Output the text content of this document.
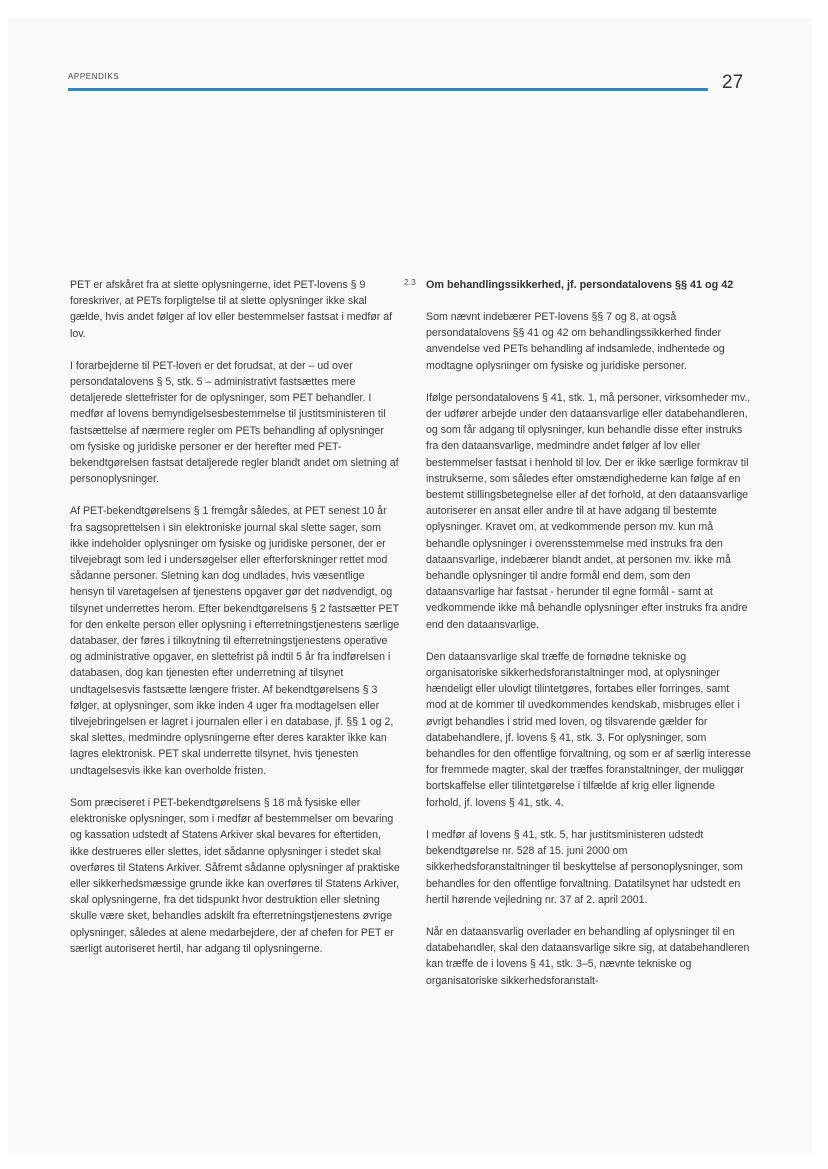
APPENDIKS	27

PET er afskåret fra at slette oplysningerne, idet PET-lovens § 9 foreskriver, at PETs forpligtelse til at slette oplysninger ikke skal gælde, hvis andet følger af lov eller bestemmelser fastsat i medfør af lov.

I forarbejderne til PET-loven er det forudsat, at der – ud over persondatalovens § 5, stk. 5 – administrativt fastsættes mere detaljerede slettefrister for de oplysninger, som PET behandler. I medfør af lovens bemyndigelsesbestemmelse til justitsministeren til fastsættelse af nærmere regler om PETs behandling af oplysninger om fysiske og juridiske personer er der herefter med PET-bekendtgørelsen fastsat detaljerede regler blandt andet om sletning af personoplysninger.

Af PET-bekendtgørelsens § 1 fremgår således, at PET senest 10 år fra sagsoprettelsen i sin elektroniske journal skal slette sager, som ikke indeholder oplysninger om fysiske og juridiske personer, der er tilvejebragt som led i undersøgelser eller efterforskninger rettet mod sådanne personer. Sletning kan dog undlades, hvis væsentlige hensyn til varetagelsen af tjenestens opgaver gør det nødvendigt, og tilsynet underrettes herom. Efter bekendtgørelsens § 2 fastsætter PET for den enkelte person eller oplysning i efterretningstjenestens særlige databaser, der føres i tilknytning til efterretningstjenestens operative og administrative opgaver, en slettefrist på indtil 5 år fra indførelsen i databasen, dog kan tjenesten efter underretning af tilsynet undtagelsesvis fastsætte længere frister. Af bekendtgørelsens § 3 følger, at oplysninger, som ikke inden 4 uger fra modtagelsen eller tilvejebringelsen er lagret i journalen eller i en database, jf. §§ 1 og 2, skal slettes, medmindre oplysningerne efter deres karakter ikke kan lagres elektronisk. PET skal underrette tilsynet, hvis tjenesten undtagelsesvis ikke kan overholde fristen.

Som præciseret i PET-bekendtgørelsens § 18 må fysiske eller elektroniske oplysninger, som i medfør af bestemmelser om bevaring og kassation udstedt af Statens Arkiver skal bevares for eftertiden, ikke destrueres eller slettes, idet sådanne oplysninger i stedet skal overføres til Statens Arkiver. Såfremt sådanne oplysninger af praktiske eller sikkerhedsmæssige grunde ikke kan overføres til Statens Arkiver, skal oplysningerne, fra det tidspunkt hvor destruktion eller sletning skulle være sket, behandles adskilt fra efterretningstjenestens øvrige oplysninger, således at alene medarbejdere, der af chefen for PET er særligt autoriseret hertil, har adgang til oplysningerne.

2.3 Om behandlingssikkerhed, jf. persondatalovens §§ 41 og 42

Som nævnt indebærer PET-lovens §§ 7 og 8, at også persondatalovens §§ 41 og 42 om behandlingssikkerhed finder anvendelse ved PETs behandling af indsamlede, indhentede og modtagne oplysninger om fysiske og juridiske personer.

Ifølge persondatalovens § 41, stk. 1, må personer, virksomheder mv., der udfører arbejde under den dataansvarlige eller databehandleren, og som får adgang til oplysninger, kun behandle disse efter instruks fra den dataansvarlige, medmindre andet følger af lov eller bestemmelser fastsat i henhold til lov. Der er ikke særlige formkrav til instrukserne, som således efter omstændighederne kan følge af en bestemt stillingsbetegnelse eller af det forhold, at den dataansvarlige autoriserer en ansat eller andre til at have adgang til bestemte oplysninger. Kravet om, at vedkommende person mv. kun må behandle oplysninger i overensstemmelse med instruks fra den dataansvarlige, indebærer blandt andet, at personen mv. ikke må behandle oplysninger til andre formål end dem, som den dataansvarlige har fastsat - herunder til egne formål - samt at vedkommende ikke må behandle oplysninger efter instruks fra andre end den dataansvarlige.

Den dataansvarlige skal træffe de fornødne tekniske og organisatoriske sikkerhedsforanstaltninger mod, at oplysninger hændeligt eller ulovligt tilintetgøres, fortabes eller forringes, samt mod at de kommer til uvedkommendes kendskab, misbruges eller i øvrigt behandles i strid med loven, og tilsvarende gælder for databehandlere, jf. lovens § 41, stk. 3. For oplysninger, som behandles for den offentlige forvaltning, og som er af særlig interesse for fremmede magter, skal der træffes foranstaltninger, der muliggør bortskaffelse eller tilintetgørelse i tilfælde af krig eller lignende forhold, jf. lovens § 41, stk. 4.

I medfør af lovens § 41, stk. 5, har justitsministeren udstedt bekendtgørelse nr. 528 af 15. juni 2000 om sikkerhedsforanstaltninger til beskyttelse af personoplysninger, som behandles for den offentlige forvaltning. Datatilsynet har udstedt en hertil hørende vejledning nr. 37 af 2. april 2001.

Når en dataansvarlig overlader en behandling af oplysninger til en databehandler, skal den dataansvarlige sikre sig, at databehandleren kan træffe de i lovens § 41, stk. 3–5, nævnte tekniske og organisatoriske sikkerhedsforanstalt-
